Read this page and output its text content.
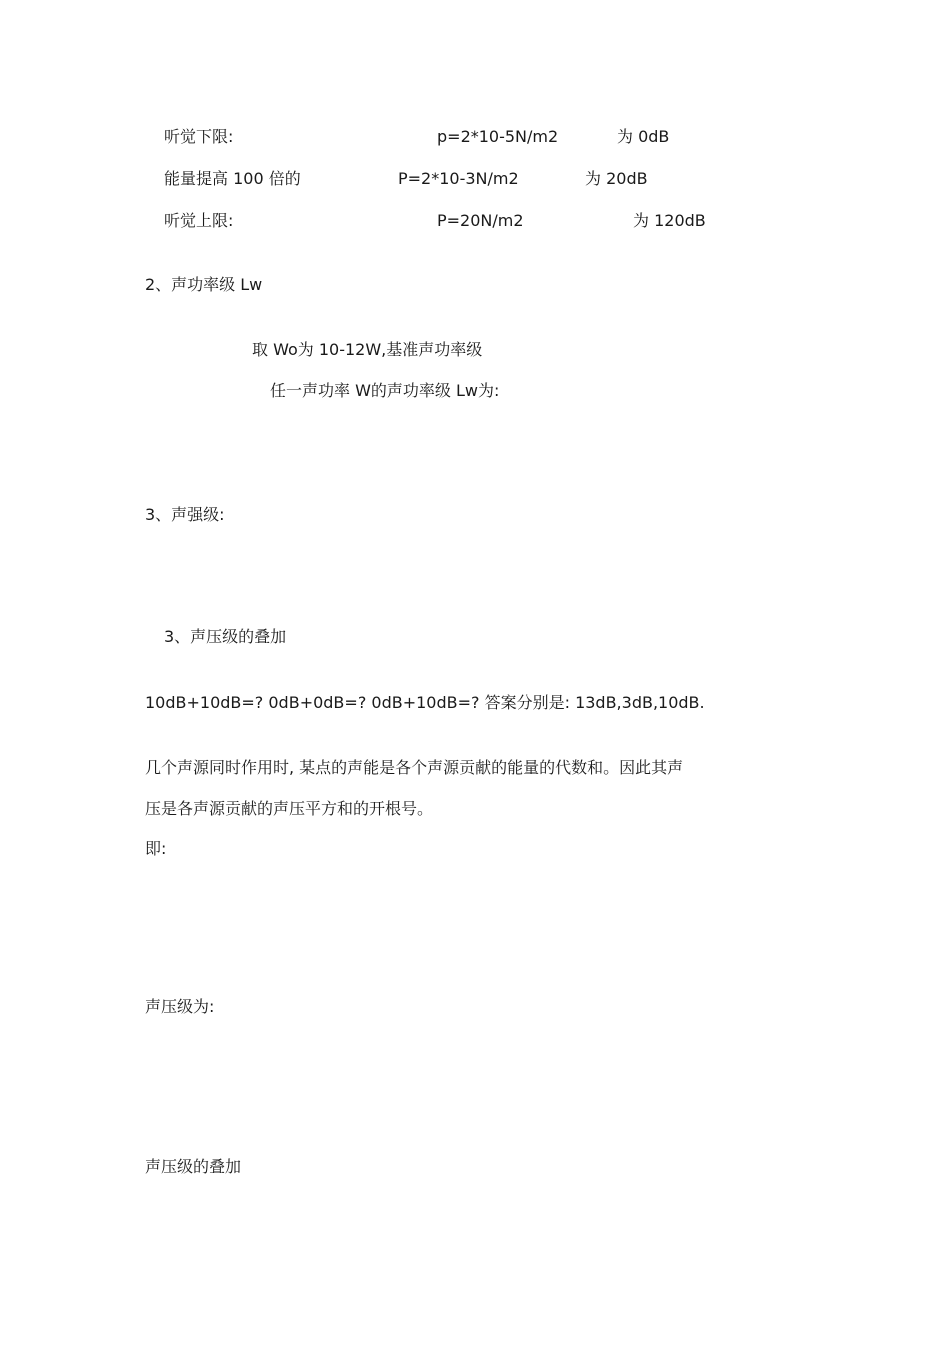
听觉下限:	p=2*10-5N/m2	为 0dB
能量提高 100 倍的	P=2*10-3N/m2	为 20dB
听觉上限:	P=20N/m2	为 120dB
2、声功率级 Lw
取 Wo为 10-12W,基准声功率级
任一声功率 W的声功率级 Lw为:
3、声强级:
3、声压级的叠加
10dB+10dB=? 0dB+0dB=? 0dB+10dB=? 答案分别是: 13dB,3dB,10dB.
几个声源同时作用时, 某点的声能是各个声源贡献的能量的代数和。因此其声
压是各声源贡献的声压平方和的开根号。
即:
声压级为:
声压级的叠加
